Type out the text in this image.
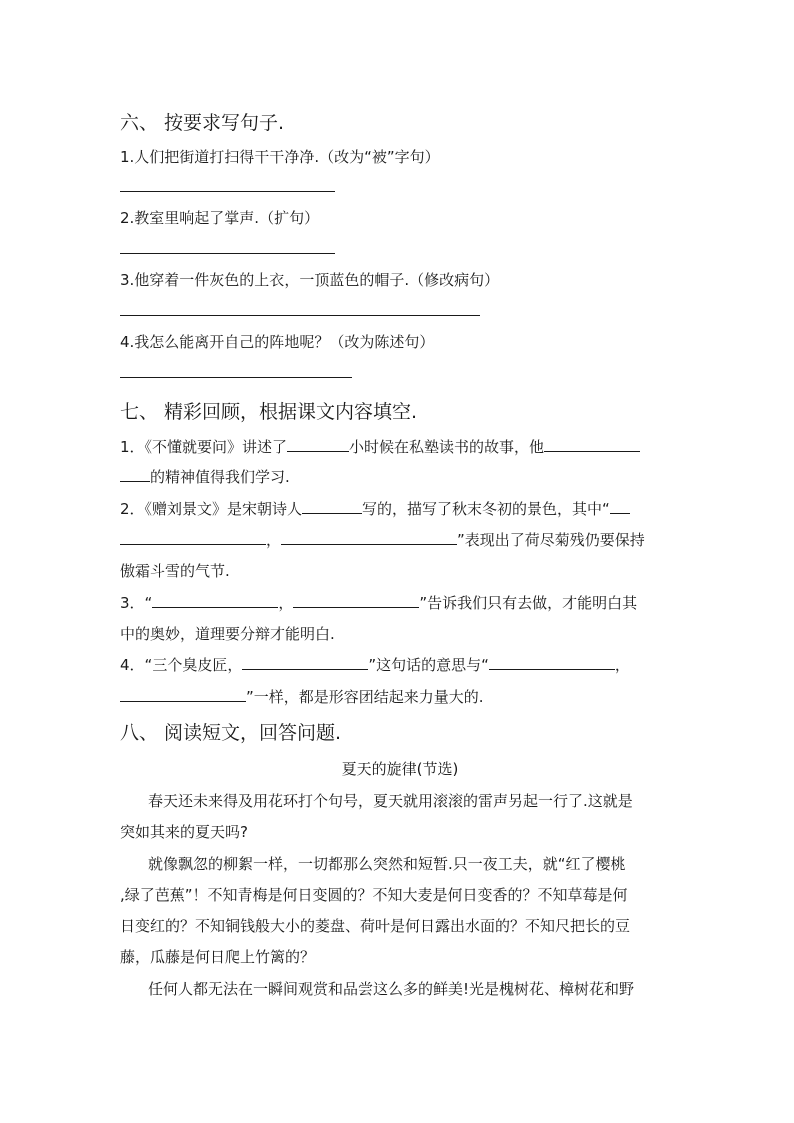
六、 按要求写句子.
1.人们把街道打扫得干干净净.（改为“被”字句）
2.教室里响起了掌声.（扩句）
3.他穿着一件灰色的上衣，一顶蓝色的帽子.（修改病句）
4.我怎么能离开自己的阵地呢？（改为陈述句）
七、 精彩回顾，根据课文内容填空.
1．《不懂就要问》讲述了	小时候在私塾读书的故事，他
的精神值得我们学习.
2．《赠刘景文》是宋朝诗人	写的，描写了秋末冬初的景色，其中“
，	”表现出了荷尽菊残仍要保持
傲霜斗雪的气节.
3．“	，	”告诉我们只有去做，才能明白其
中的奥妙，道理要分辩才能明白.
4．“三个臭皮匠，	”这句话的意思与“	，
”一样，都是形容团结起来力量大的.
八、 阅读短文，回答问题.
夏天的旋律(节选)
春天还未来得及用花环打个句号，夏天就用滚滚的雷声另起一行了.这就是
突如其来的夏天吗?
就像飘忽的柳絮一样，一切都那么突然和短暂.只一夜工夫，就“红了樱桃
,绿了芭蕉”！不知青梅是何日变圆的？不知大麦是何日变香的？不知草莓是何
日变红的？不知铜钱般大小的菱盘、荷叶是何日露出水面的？不知尺把长的豆
藤，瓜藤是何日爬上竹篱的？
任何人都无法在一瞬间观赏和品尝这么多的鲜美!光是槐树花、樟树花和野
